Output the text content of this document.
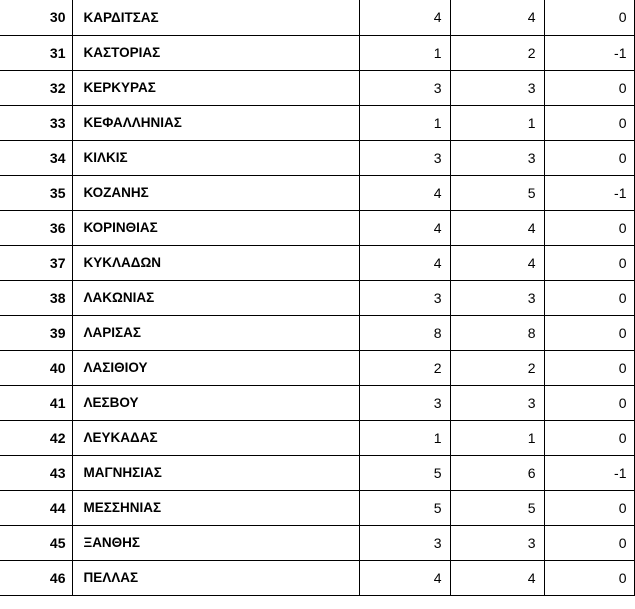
30	ΚΑΡΔΙΤΣΑΣ	4	4	0
31	ΚΑΣΤΟΡΙΑΣ	1	2	-1
32	ΚΕΡΚΥΡΑΣ	3	3	0
33	ΚΕΦΑΛΛΗΝΙΑΣ	1	1	0
34	ΚΙΛΚΙΣ	3	3	0
35	ΚΟΖΑΝΗΣ	4	5	-1
36	ΚΟΡΙΝΘΙΑΣ	4	4	0
37	ΚΥΚΛΑΔΩΝ	4	4	0
38	ΛΑΚΩΝΙΑΣ	3	3	0
39	ΛΑΡΙΣΑΣ	8	8	0
40	ΛΑΣΙΘΙΟΥ	2	2	0
41	ΛΕΣΒΟΥ	3	3	0
42	ΛΕΥΚΑΔΑΣ	1	1	0
43	ΜΑΓΝΗΣΙΑΣ	5	6	-1
44	ΜΕΣΣΗΝΙΑΣ	5	5	0
45	ΞΑΝΘΗΣ	3	3	0
46	ΠΕΛΛΑΣ	4	4	0
